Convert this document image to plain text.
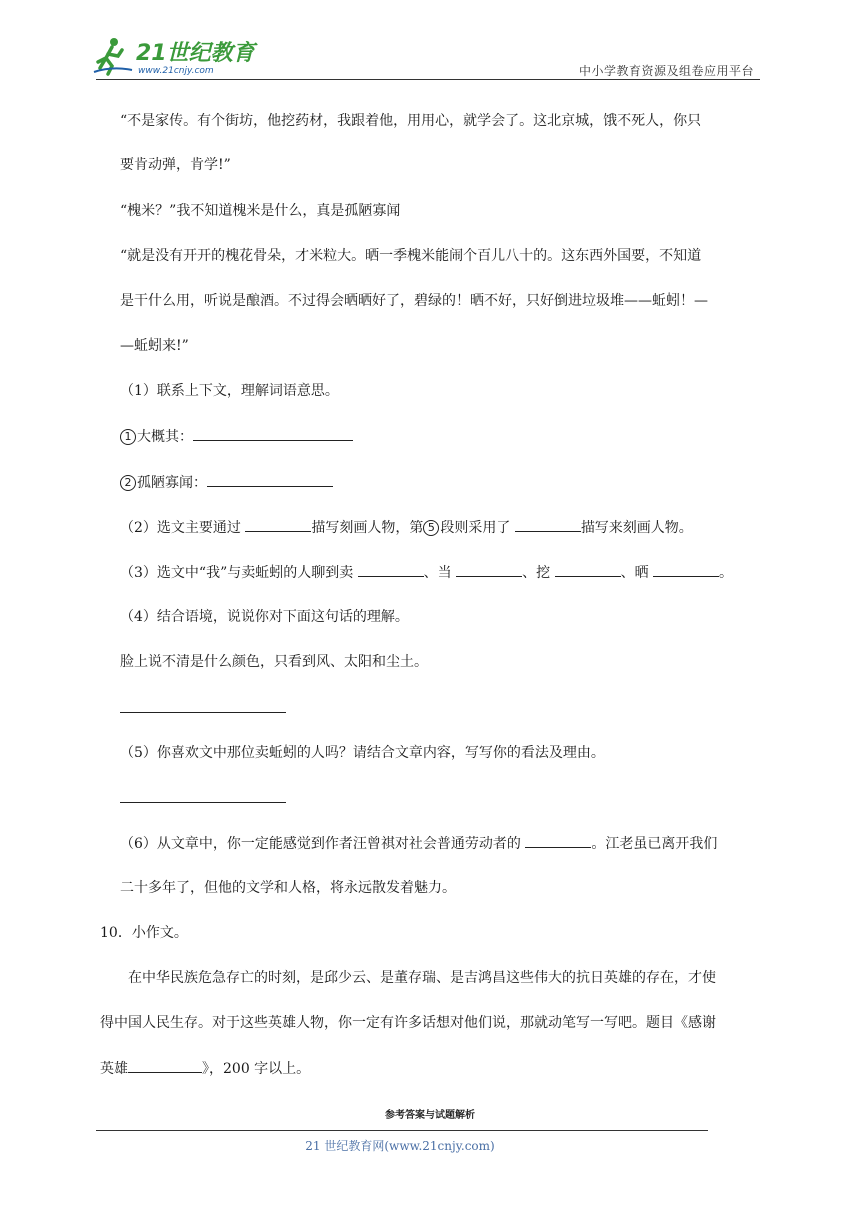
21世纪教育
www.21cnjy.com	中小学教育资源及组卷应用平台
“不是家传。有个街坊，他挖药材，我跟着他，用用心，就学会了。这北京城，饿不死人，你只
要肯动弹，肯学!”
“槐米？”我不知道槐米是什么，真是孤陋寡闻
“就是没有开开的槐花骨朵，才米粒大。晒一季槐米能闹个百儿八十的。这东西外国要，不知道
是干什么用，听说是酿酒。不过得会晒晒好了，碧绿的！晒不好，只好倒进垃圾堆——蚯蚓！—
—蚯蚓来!”
（1）联系上下文，理解词语意思。
1 大概其：
2 孤陋寡闻：
（2）选文主要通过	描写刻画人物，第 5 段则采用了	描写来刻画人物。
（3）选文中“我”与卖蚯蚓的人聊到卖	、当	、挖	、晒	。
（4）结合语境，说说你对下面这句话的理解。
脸上说不清是什么颜色，只看到风、太阳和尘土。
（5）你喜欢文中那位卖蚯蚓的人吗？请结合文章内容，写写你的看法及理由。
（6）从文章中，你一定能感觉到作者汪曾祺对社会普通劳动者的	。江老虽已离开我们
二十多年了，但他的文学和人格，将永远散发着魅力。
10．小作文。
在中华民族危急存亡的时刻，是邱少云、是董存瑞、是吉鸿昌这些伟大的抗日英雄的存在，才使
得中国人民生存。对于这些英雄人物，你一定有许多话想对他们说，那就动笔写一写吧。题目《感谢
英雄	》，200 字以上。
参考答案与试题解析
21 世纪教育网(www.21cnjy.com)
